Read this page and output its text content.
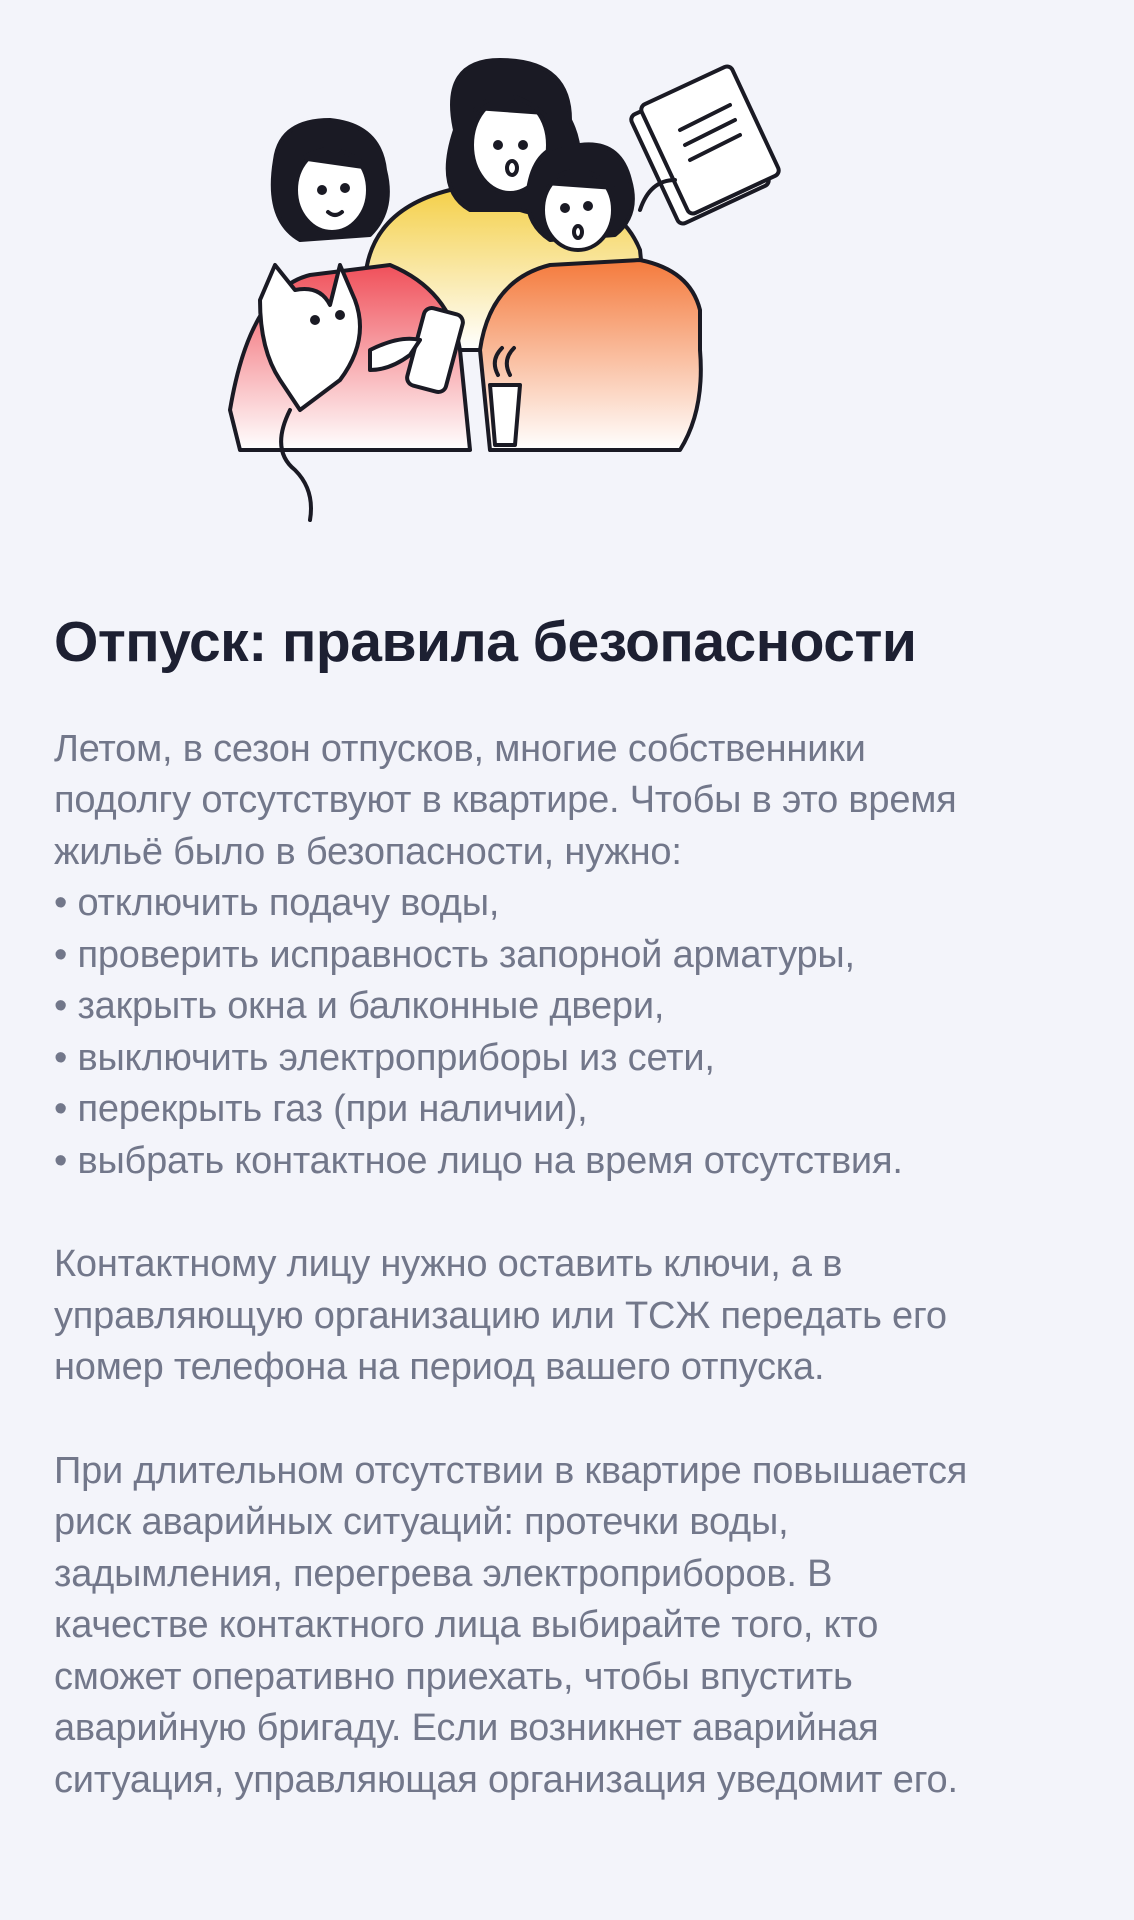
Отпуск: правила безопасности

Летом, в сезон отпусков, многие собственники

подолгу отсутствуют в квартире. Чтобы в это время

жильё было в безопасности, нужно:

• отключить подачу воды,
• проверить исправность запорной арматуры,
• закрыть окна и балконные двери,
• выключить электроприборы из сети,
• перекрыть газ (при наличии),
• выбрать контактное лицо на время отсутствия.

Контактному лицу нужно оставить ключи, а в

управляющую организацию или ТСЖ передать его

номер телефона на период вашего отпуска.

При длительном отсутствии в квартире повышается

риск аварийных ситуаций: протечки воды,

задымления, перегрева электроприборов. В

качестве контактного лица выбирайте того, кто

сможет оперативно приехать, чтобы впустить

аварийную бригаду. Если возникнет аварийная

ситуация, управляющая организация уведомит его.
